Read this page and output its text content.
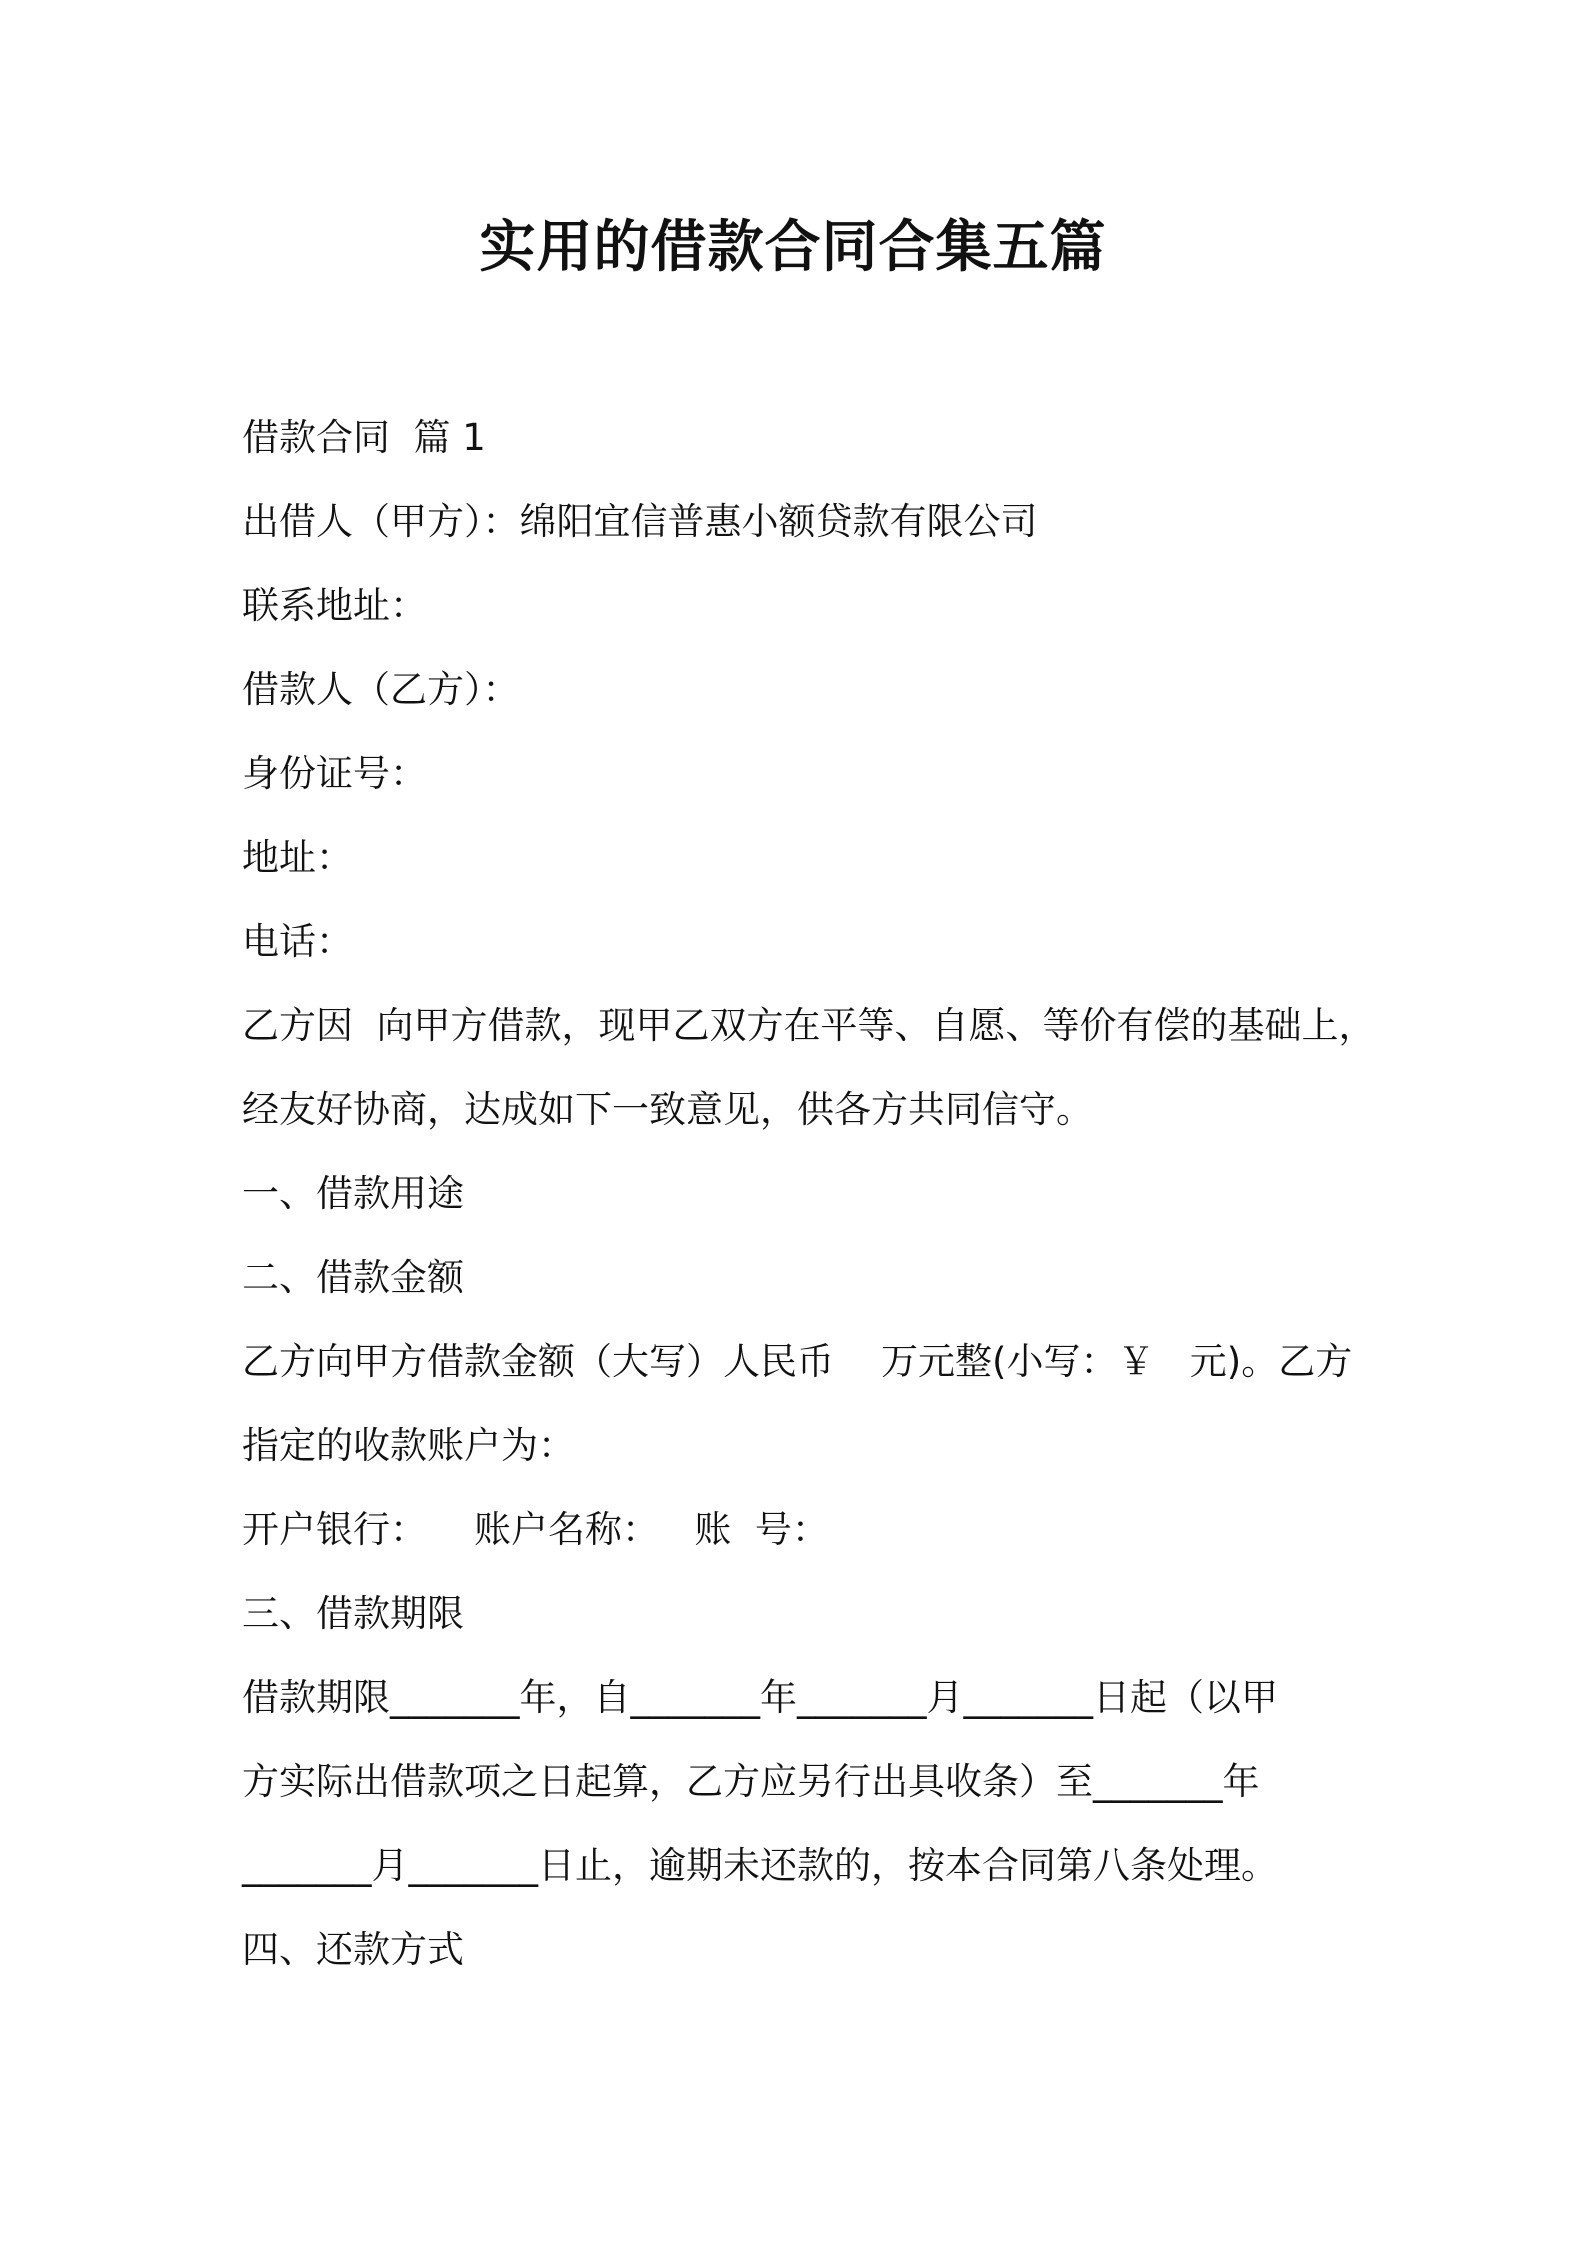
实用的借款合同合集五篇
借款合同  篇 1
出借人（甲方）：绵阳宜信普惠小额贷款有限公司
联系地址：
借款人（乙方）：
身份证号：
地址：
电话：
乙方因  向甲方借款，现甲乙双方在平等、自愿、等价有偿的基础上，
经友好协商，达成如下一致意见，供各方共同信守。
一、借款用途
二、借款金额
乙方向甲方借款金额（大写）人民币    万元整(小写：￥   元)。乙方
指定的收款账户为：
开户银行：    账户名称：   账  号：
三、借款期限
借款期限_______年，自_______年_______月_______日起（以甲
方实际出借款项之日起算，乙方应另行出具收条）至_______年
_______月_______日止，逾期未还款的，按本合同第八条处理。
四、还款方式
